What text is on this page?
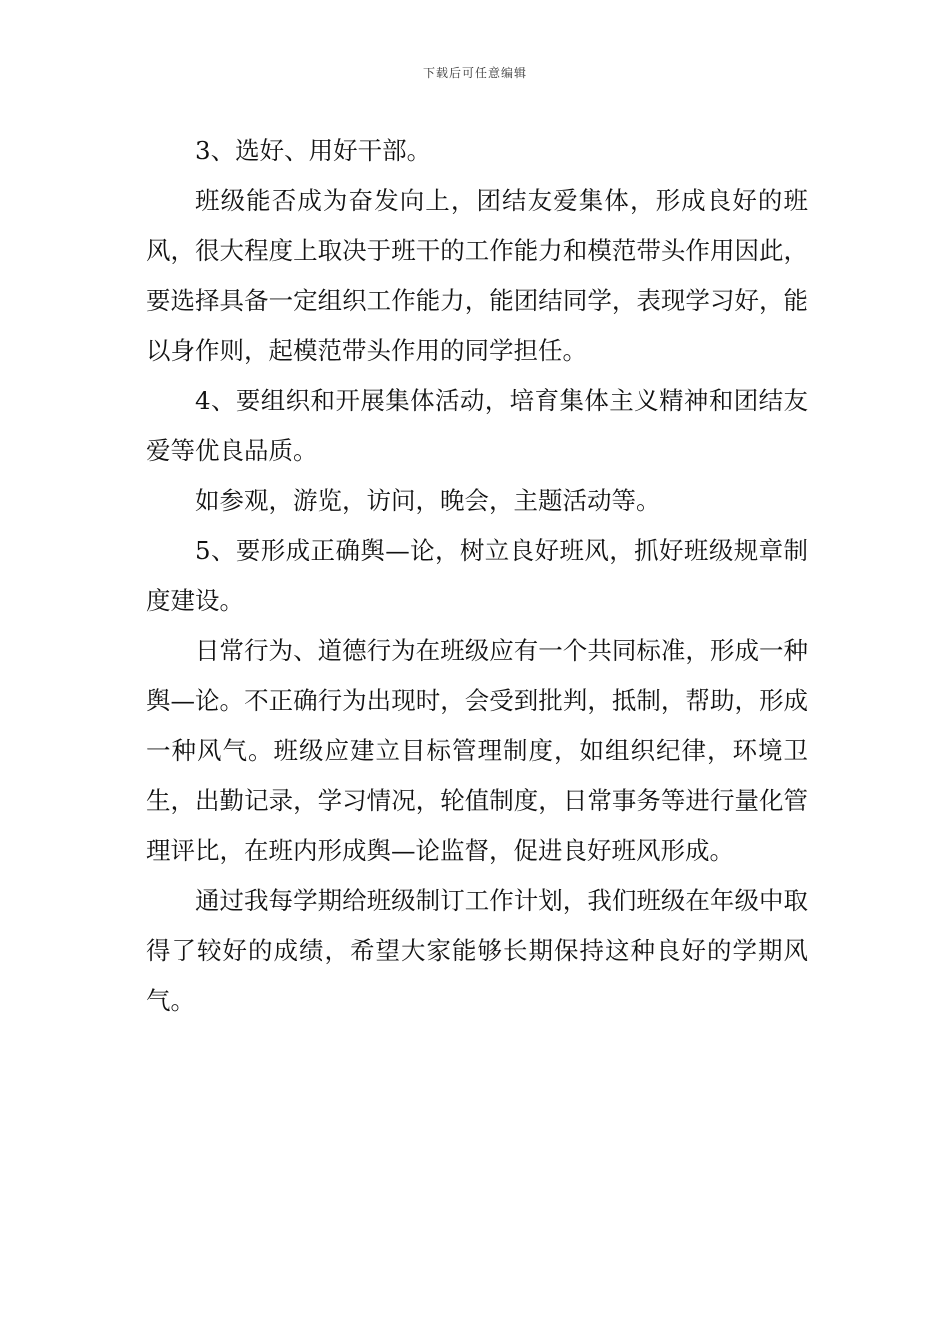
下载后可任意编辑

3、选好、用好干部。

班级能否成为奋发向上，团结友爱集体，形成良好的班风，很大程度上取决于班干的工作能力和模范带头作用因此，要选择具备一定组织工作能力，能团结同学，表现学习好，能以身作则，起模范带头作用的同学担任。

4、要组织和开展集体活动，培育集体主义精神和团结友爱等优良品质。

如参观，游览，访问，晚会，主题活动等。

5、要形成正确舆—论，树立良好班风，抓好班级规章制度建设。

日常行为、道德行为在班级应有一个共同标准，形成一种舆—论。不正确行为出现时，会受到批判，抵制，帮助，形成一种风气。班级应建立目标管理制度，如组织纪律，环境卫生，出勤记录，学习情况，轮值制度，日常事务等进行量化管理评比，在班内形成舆—论监督，促进良好班风形成。

通过我每学期给班级制订工作计划，我们班级在年级中取得了较好的成绩，希望大家能够长期保持这种良好的学期风气。
